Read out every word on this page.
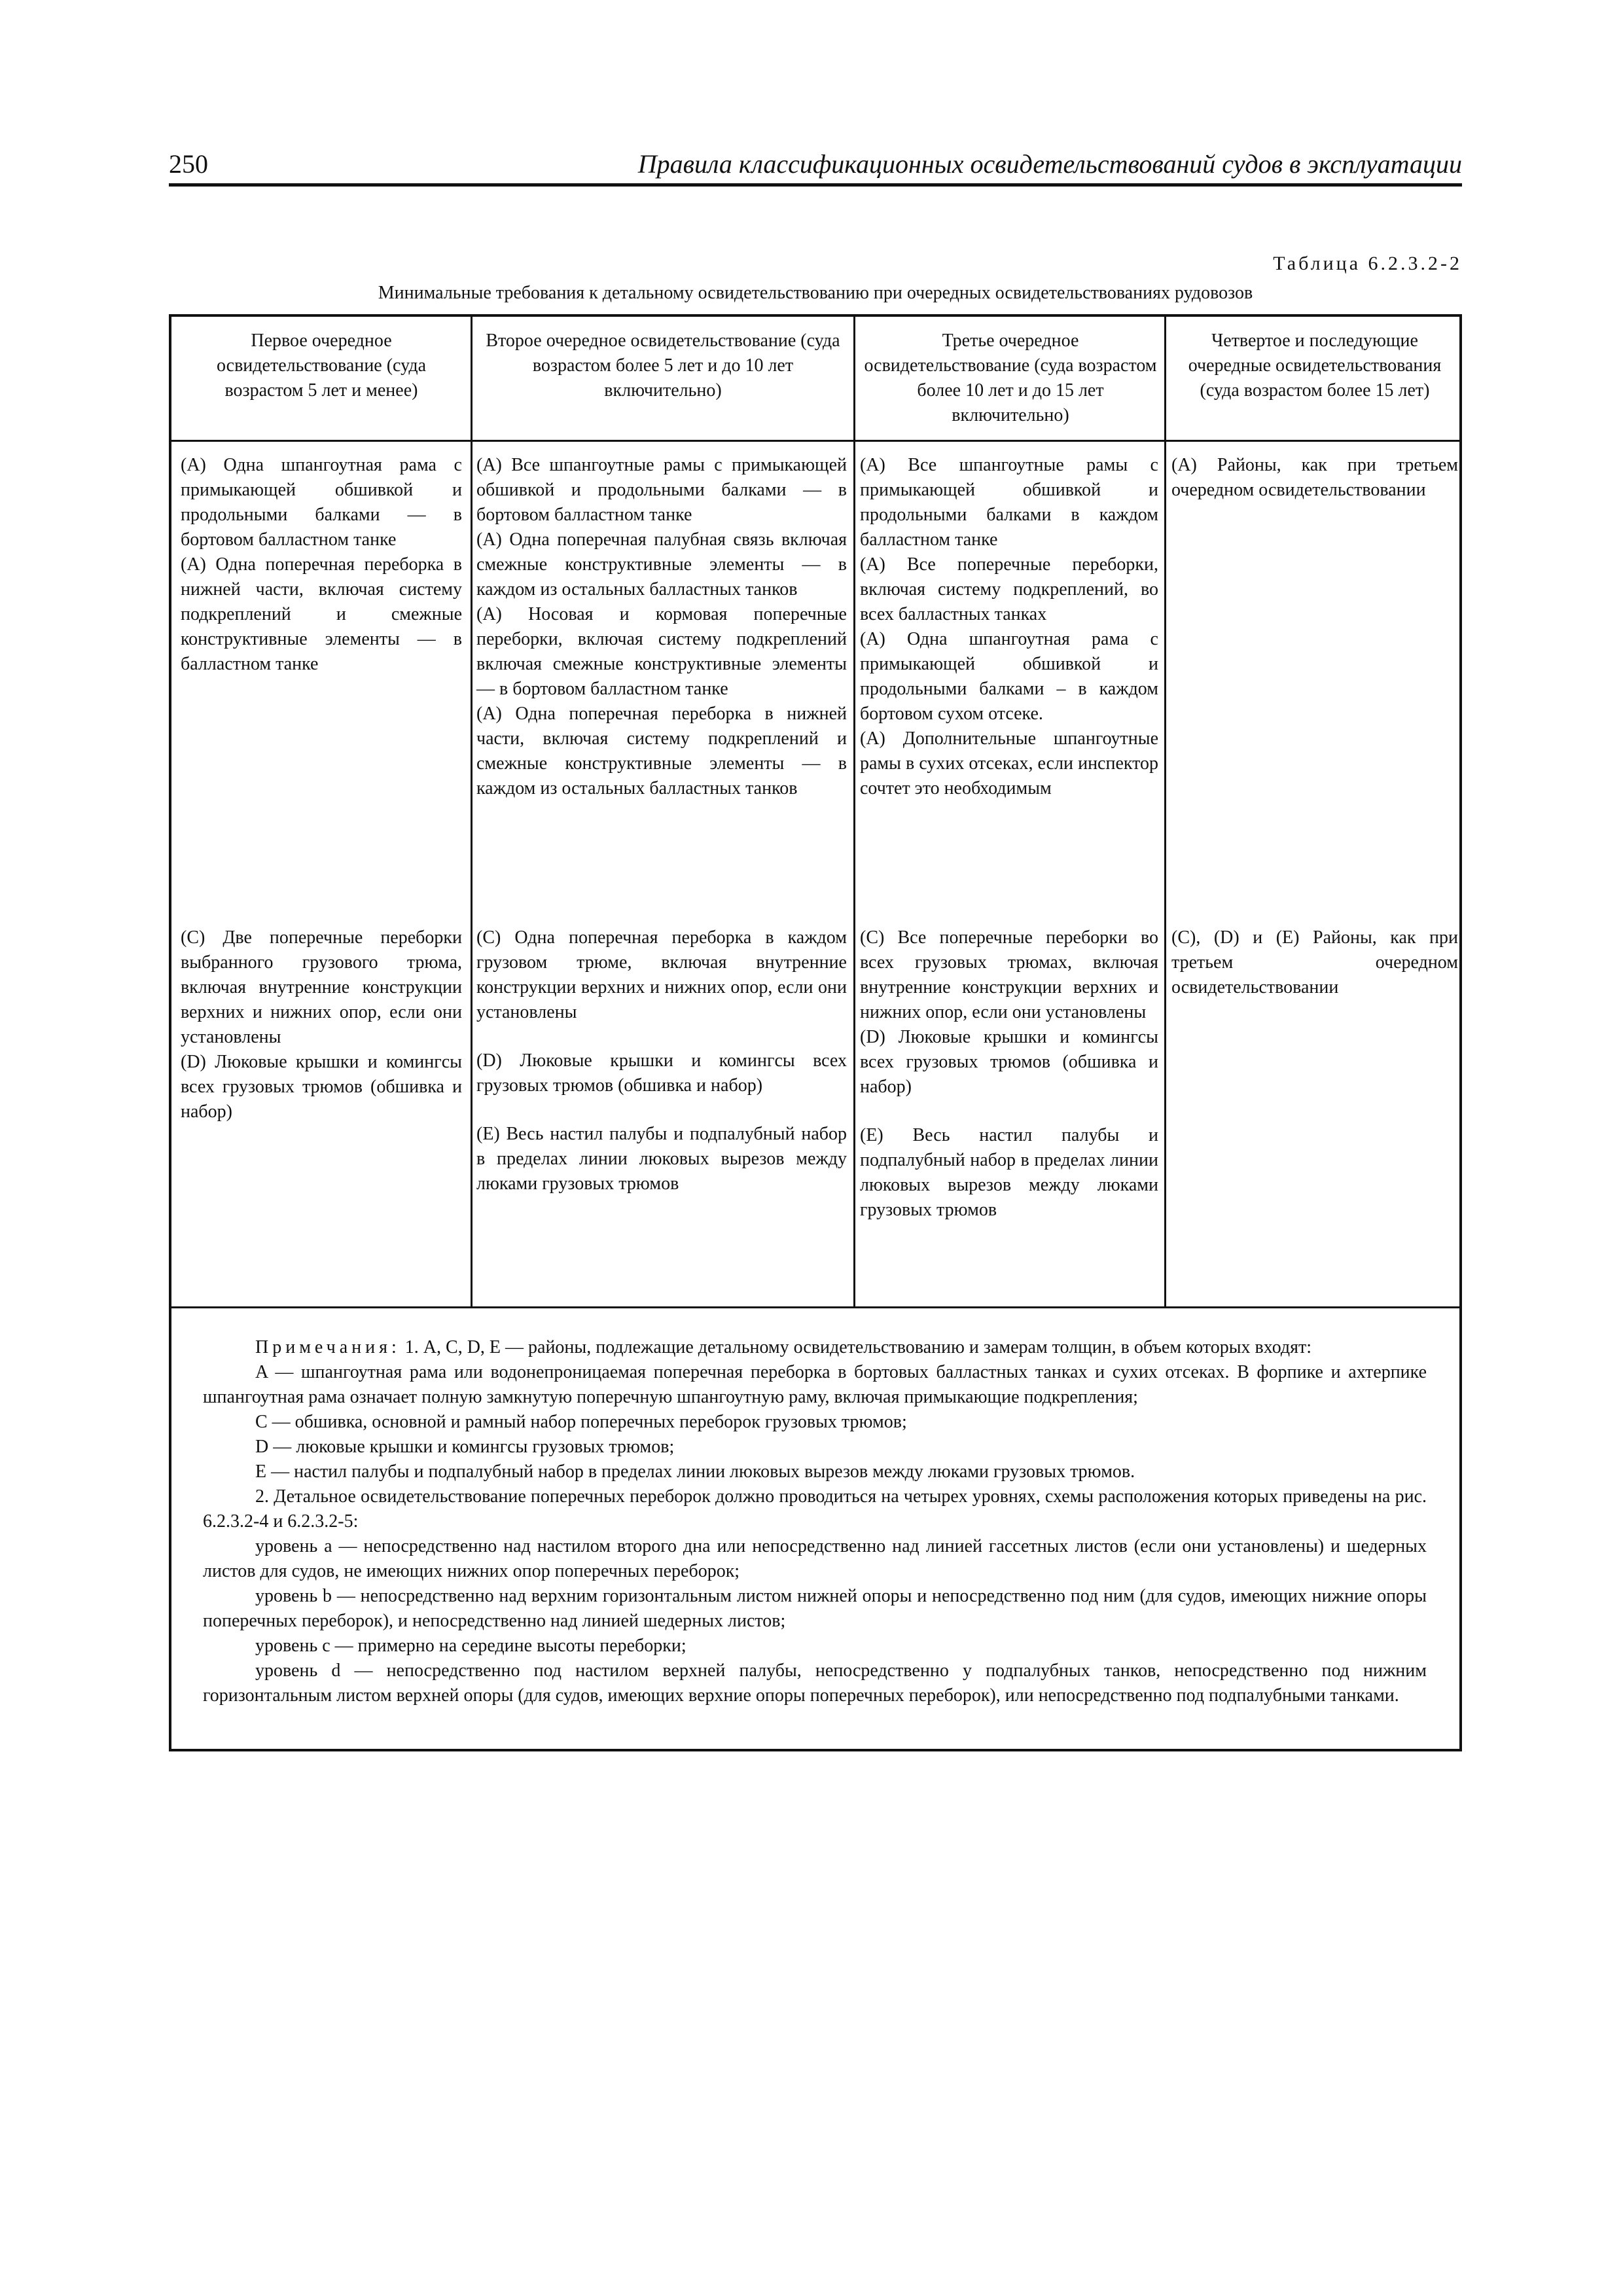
250	Правила классификационных освидетельствований судов в эксплуатации
Таблица 6.2.3.2-2
Минимальные требования к детальному освидетельствованию при очередных освидетельствованиях рудовозов
Первое очередное освидетельствование (суда возрастом 5 лет и менее)
Второе очередное освидетельствование (суда возрастом более 5 лет и до 10 лет включительно)
Третье очередное освидетельствование (суда возрастом более 10 лет и до 15 лет включительно)
Четвертое и последующие очередные освидетельствования (суда возрастом более 15 лет)

(A) Одна шпангоутная рама с примыкающей обшивкой и продольными балками — в бортовом балластном танке

(A) Одна поперечная переборка в нижней части, включая систему подкреплений и смежные конструктивные элементы — в балластном танке

(C) Две поперечные переборки выбранного грузового трюма, включая внутренние конструкции верхних и нижних опор, если они установлены

(D) Люковые крышки и комингсы всех грузовых трюмов (обшивка и набор)

(A) Все шпангоутные рамы с примыкающей обшивкой и продольными балками — в бортовом балластном танке

(A) Одна поперечная палубная связь включая смежные конструктивные элементы — в каждом из остальных балластных танков

(A) Носовая и кормовая поперечные переборки, включая систему подкреплений включая смежные конструктивные элементы — в бортовом балластном танке

(A) Одна поперечная переборка в нижней части, включая систему подкреплений и смежные конструктивные элементы — в каждом из остальных балластных танков

(C) Одна поперечная переборка в каждом грузовом трюме, включая внутренние конструкции верхних и нижних опор, если они установлены

(D) Люковые крышки и комингсы всех грузовых трюмов (обшивка и набор)

(E) Весь настил палубы и подпалубный набор в пределах линии люковых вырезов между люками грузовых трюмов

(A) Все шпангоутные рамы с примыкающей обшивкой и продольными балками в каждом балластном танке

(A) Все поперечные переборки, включая систему подкреплений, во всех балластных танках

(A) Одна шпангоутная рама с примыкающей обшивкой и продольными балками – в каждом бортовом сухом отсеке.

(A) Дополнительные шпангоутные рамы в сухих отсеках, если инспектор сочтет это необходимым

(C) Все поперечные переборки во всех грузовых трюмах, включая внутренние конструкции верхних и нижних опор, если они установлены

(D) Люковые крышки и комингсы всех грузовых трюмов (обшивка и набор)

(E) Весь настил палубы и подпалубный набор в пределах линии люковых вырезов между люками грузовых трюмов

(A) Районы, как при третьем очередном освидетельствовании

(C), (D) и (E) Районы, как при третьем очередном освидетельствовании

Примечания: 1. A, C, D, E — районы, подлежащие детальному освидетельствованию и замерам толщин, в объем которых входят:

A — шпангоутная рама или водонепроницаемая поперечная переборка в бортовых балластных танках и сухих отсеках. В форпике и ахтерпике шпангоутная рама означает полную замкнутую поперечную шпангоутную раму, включая примыкающие подкрепления;

C — обшивка, основной и рамный набор поперечных переборок грузовых трюмов;

D — люковые крышки и комингсы грузовых трюмов;

E — настил палубы и подпалубный набор в пределах линии люковых вырезов между люками грузовых трюмов.

2. Детальное освидетельствование поперечных переборок должно проводиться на четырех уровнях, схемы расположения которых приведены на рис. 6.2.3.2-4 и 6.2.3.2-5:

уровень a — непосредственно над настилом второго дна или непосредственно над линией гассетных листов (если они установлены) и шедерных листов для судов, не имеющих нижних опор поперечных переборок;

уровень b — непосредственно над верхним горизонтальным листом нижней опоры и непосредственно под ним (для судов, имеющих нижние опоры поперечных переборок), и непосредственно над линией шедерных листов;

уровень c — примерно на середине высоты переборки;

уровень d — непосредственно под настилом верхней палубы, непосредственно у подпалубных танков, непосредственно под нижним горизонтальным листом верхней опоры (для судов, имеющих верхние опоры поперечных переборок), или непосредственно под подпалубными танками.
